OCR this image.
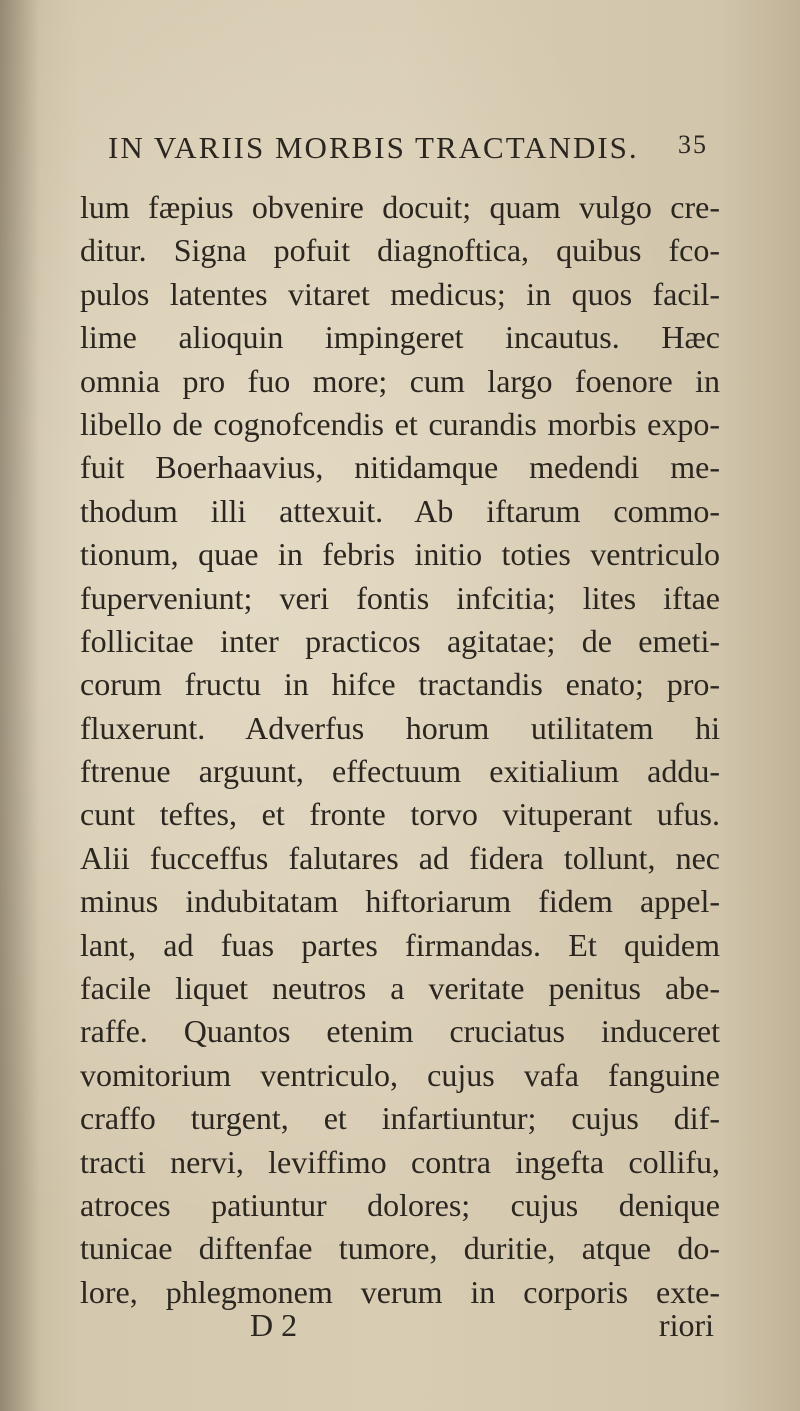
IN VARIIS MORBIS TRACTANDIS. 35
lum fæpius obvenire docuit; quam vulgo cre-
ditur. Signa pofuit diagnoftica, quibus fco-
pulos latentes vitaret medicus; in quos facil-
lime alioquin impingeret incautus. Hæc
omnia pro fuo more; cum largo foenore in
libello de cognofcendis et curandis morbis expo-
fuit Boerhaavius, nitidamque medendi me-
thodum illi attexuit. Ab iftarum commo-
tionum, quae in febris initio toties ventriculo
fuperveniunt; veri fontis infcitia; lites iftae
follicitae inter practicos agitatae; de emeti-
corum fructu in hifce tractandis enato; pro-
fluxerunt. Adverfus horum utilitatem hi
ftrenue arguunt, effectuum exitialium addu-
cunt teftes, et fronte torvo vituperant ufus.
Alii fucceffus falutares ad fidera tollunt, nec
minus indubitatam hiftoriarum fidem appel-
lant, ad fuas partes firmandas. Et quidem
facile liquet neutros a veritate penitus abe-
raffe. Quantos etenim cruciatus induceret
vomitorium ventriculo, cujus vafa fanguine
craffo turgent, et infartiuntur; cujus dif-
tracti nervi, leviffimo contra ingefta collifu,
atroces patiuntur dolores; cujus denique
tunicae diftenfae tumore, duritie, atque do-
lore, phlegmonem verum in corporis exte-
D 2	riori
